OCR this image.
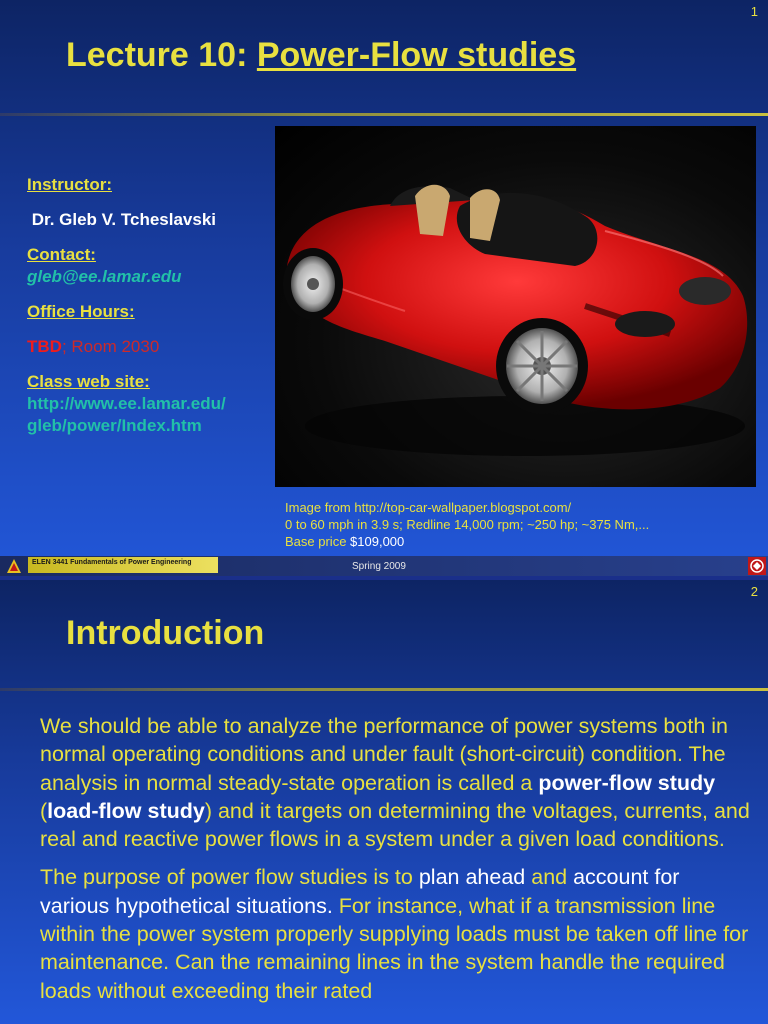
1
Lecture 10: Power-Flow studies
Instructor:
Dr. Gleb V. Tcheslavski
Contact:
gleb@ee.lamar.edu
Office Hours:
TBD; Room 2030
Class web site:
http://www.ee.lamar.edu/
gleb/power/Index.htm
Image from http://top-car-wallpaper.blogspot.com/
0 to 60 mph in 3.9 s; Redline 14,000 rpm; ~250 hp; ~375 Nm,...
Base price $109,000
ELEN 3441 Fundamentals of Power Engineering	Spring 2009
2
Introduction

We should be able to analyze the performance of power systems both in normal operating conditions and under fault (short-circuit) condition. The analysis in normal steady-state operation is called a power-flow study (load-flow study) and it targets on determining the voltages, currents, and real and reactive power flows in a system under a given load conditions.

The purpose of power flow studies is to plan ahead and account for various hypothetical situations. For instance, what if a transmission line within the power system properly supplying loads must be taken off line for maintenance. Can the remaining lines in the system handle the required loads without exceeding their rated
